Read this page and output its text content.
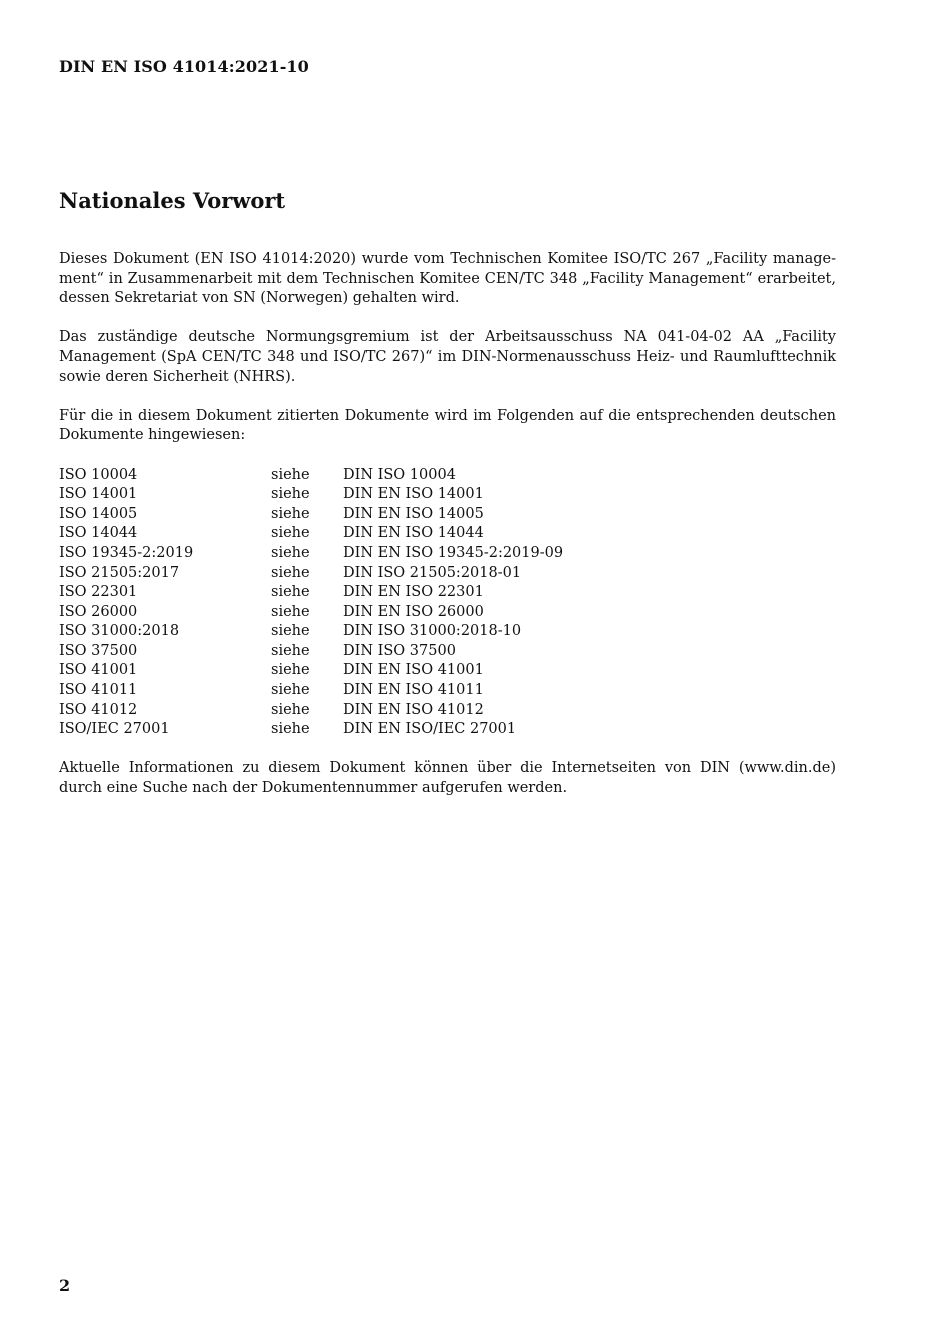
DIN EN ISO 41014:2021-10
Nationales Vorwort

Dieses Dokument (EN ISO 41014:2020) wurde vom Technischen Komitee ISO/TC 267 „Facility management“ in Zusammenarbeit mit dem Technischen Komitee CEN/TC 348 „Facility Management“ erarbeitet, dessen Sekretariat von SN (Norwegen) gehalten wird.

Das zuständige deutsche Normungsgremium ist der Arbeitsausschuss NA 041-04-02 AA „Facility Management (SpA CEN/TC 348 und ISO/TC 267)“ im DIN-Normenausschuss Heiz- und Raumlufttechnik sowie deren Sicherheit (NHRS).

Für die in diesem Dokument zitierten Dokumente wird im Folgenden auf die entsprechenden deutschen Dokumente hingewiesen:

ISO 10004	siehe	DIN ISO 10004
ISO 14001	siehe	DIN EN ISO 14001
ISO 14005	siehe	DIN EN ISO 14005
ISO 14044	siehe	DIN EN ISO 14044
ISO 19345-2:2019	siehe	DIN EN ISO 19345-2:2019-09
ISO 21505:2017	siehe	DIN ISO 21505:2018-01
ISO 22301	siehe	DIN EN ISO 22301
ISO 26000	siehe	DIN EN ISO 26000
ISO 31000:2018	siehe	DIN ISO 31000:2018-10
ISO 37500	siehe	DIN ISO 37500
ISO 41001	siehe	DIN EN ISO 41001
ISO 41011	siehe	DIN EN ISO 41011
ISO 41012	siehe	DIN EN ISO 41012
ISO/IEC 27001	siehe	DIN EN ISO/IEC 27001

Aktuelle Informationen zu diesem Dokument können über die Internetseiten von DIN (www.din.de) durch eine Suche nach der Dokumentennummer aufgerufen werden.

2
